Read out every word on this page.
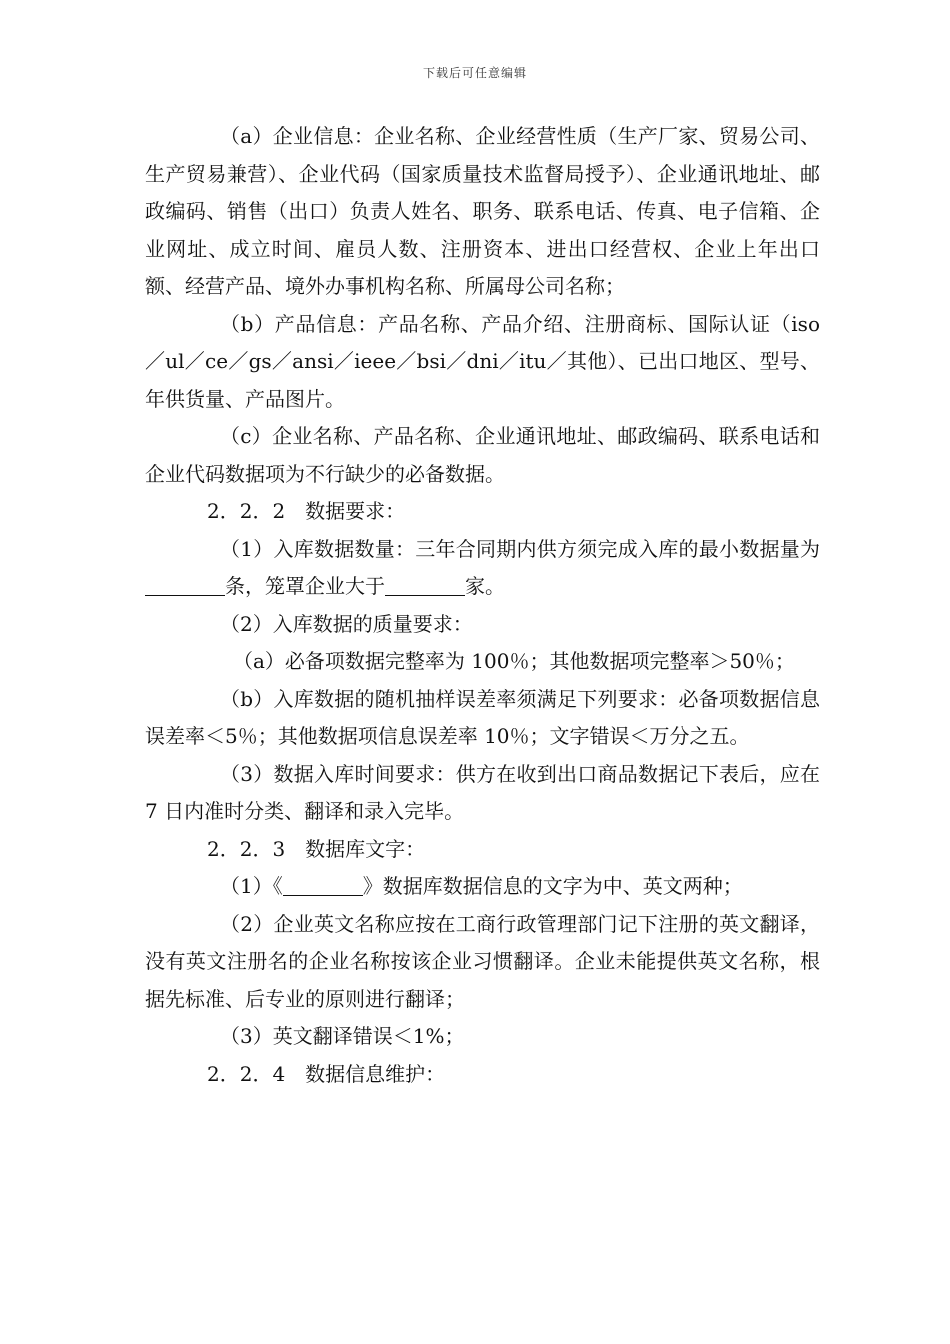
下载后可任意编辑

（a）企业信息：企业名称、企业经营性质（生产厂家、贸易公司、生产贸易兼营）、企业代码（国家质量技术监督局授予）、企业通讯地址、邮政编码、销售（出口）负责人姓名、职务、联系电话、传真、电子信箱、企业网址、成立时间、雇员人数、注册资本、进出口经营权、企业上年出口额、经营产品、境外办事机构名称、所属母公司名称；

（b）产品信息：产品名称、产品介绍、注册商标、国际认证（iso／ul／ce／gs／ansi／ieee／bsi／dni／itu／其他）、已出口地区、型号、年供货量、产品图片。

（c）企业名称、产品名称、企业通讯地址、邮政编码、联系电话和企业代码数据项为不行缺少的必备数据。

2．2．2　数据要求：

（1）入库数据数量：三年合同期内供方须完成入库的最小数据量为条，笼罩企业大于	家。

（2）入库数据的质量要求：

（a）必备项数据完整率为 100％；其他数据项完整率＞50％；

（b）入库数据的随机抽样误差率须满足下列要求：必备项数据信息误差率＜5％；其他数据项信息误差率 10％；文字错误＜万分之五。

（3）数据入库时间要求：供方在收到出口商品数据记下表后，应在 7 日内准时分类、翻译和录入完毕。

2．2．3　数据库文字：

（1）《	》数据库数据信息的文字为中、英文两种；

（2）企业英文名称应按在工商行政管理部门记下注册的英文翻译，没有英文注册名的企业名称按该企业习惯翻译。企业未能提供英文名称，根据先标准、后专业的原则进行翻译；

（3）英文翻译错误＜1%；

2．2．4　数据信息维护：
